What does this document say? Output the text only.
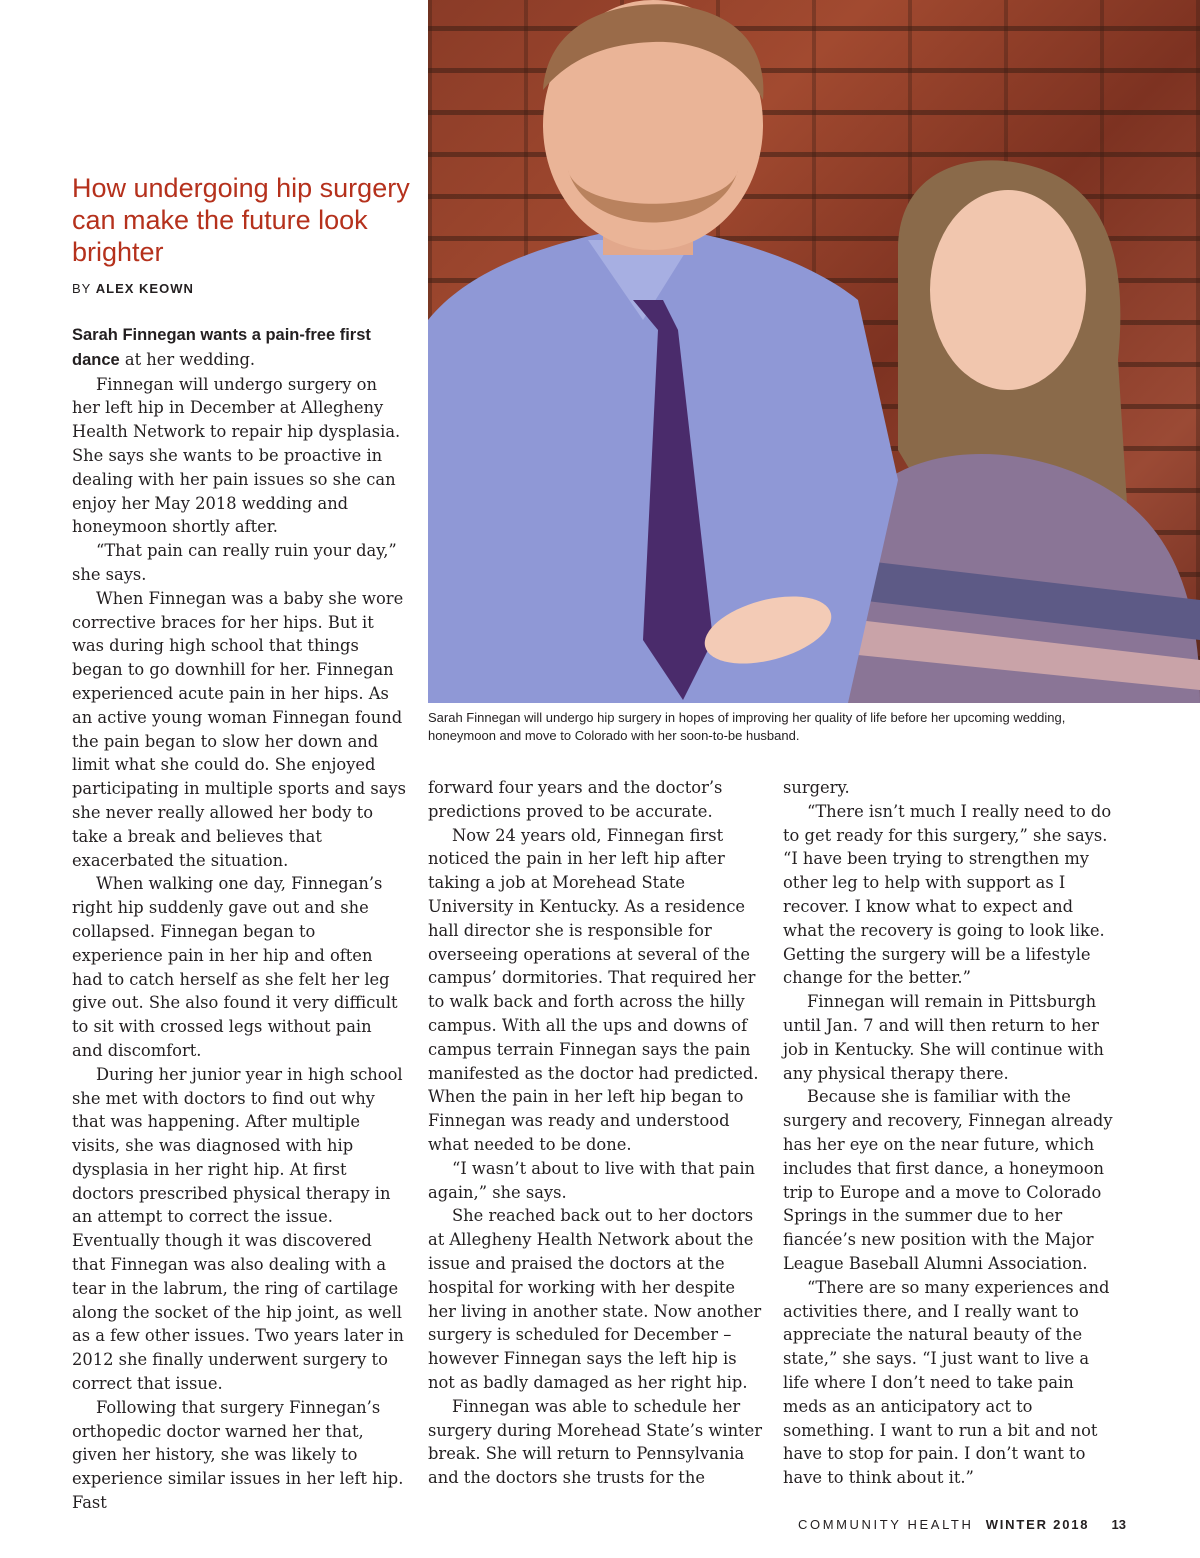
Sarah Finnegan will undergo hip surgery in hopes of improving her quality of life before her upcoming wedding, honeymoon and move to Colorado with her soon-to-be husband.

How undergoing hip surgery can make the future look brighter

BY ALEX KEOWN

Sarah Finnegan wants a pain-free first dance at her wedding.

Finnegan will undergo surgery on her left hip in December at Allegheny Health Network to repair hip dysplasia. She says she wants to be proactive in dealing with her pain issues so she can enjoy her May 2018 wedding and honeymoon shortly after.

“That pain can really ruin your day,” she says.

When Finnegan was a baby she wore corrective braces for her hips. But it was during high school that things began to go downhill for her. Finnegan experienced acute pain in her hips. As an active young woman Finnegan found the pain began to slow her down and limit what she could do. She enjoyed participating in multiple sports and says she never really allowed her body to take a break and believes that exacerbated the situation.

When walking one day, Finnegan’s right hip suddenly gave out and she collapsed. Finnegan began to experience pain in her hip and often had to catch herself as she felt her leg give out. She also found it very difficult to sit with crossed legs without pain and discomfort.

During her junior year in high school she met with doctors to find out why that was happening. After multiple visits, she was diagnosed with hip dysplasia in her right hip. At first doctors prescribed physical therapy in an attempt to correct the issue. Eventually though it was discovered that Finnegan was also dealing with a tear in the labrum, the ring of cartilage along the socket of the hip joint, as well as a few other issues. Two years later in 2012 she finally underwent surgery to correct that issue.

Following that surgery Finnegan’s orthopedic doctor warned her that, given her history, she was likely to experience similar issues in her left hip. Fast

forward four years and the doctor’s predictions proved to be accurate.

Now 24 years old, Finnegan first noticed the pain in her left hip after taking a job at Morehead State University in Kentucky. As a residence hall director she is responsible for overseeing operations at several of the campus’ dormitories. That required her to walk back and forth across the hilly campus. With all the ups and downs of campus terrain Finnegan says the pain manifested as the doctor had predicted. When the pain in her left hip began to Finnegan was ready and understood what needed to be done.

“I wasn’t about to live with that pain again,” she says.

She reached back out to her doctors at Allegheny Health Network about the issue and praised the doctors at the hospital for working with her despite her living in another state. Now another surgery is scheduled for December – however Finnegan says the left hip is not as badly damaged as her right hip.

Finnegan was able to schedule her surgery during Morehead State’s winter break. She will return to Pennsylvania and the doctors she trusts for the

surgery.

“There isn’t much I really need to do to get ready for this surgery,” she says. “I have been trying to strengthen my other leg to help with support as I recover. I know what to expect and what the recovery is going to look like. Getting the surgery will be a lifestyle change for the better.”

Finnegan will remain in Pittsburgh until Jan. 7 and will then return to her job in Kentucky. She will continue with any physical therapy there.

Because she is familiar with the surgery and recovery, Finnegan already has her eye on the near future, which includes that first dance, a honeymoon trip to Europe and a move to Colorado Springs in the summer due to her fiancée’s new position with the Major League Baseball Alumni Association.

“There are so many experiences and activities there, and I really want to appreciate the natural beauty of the state,” she says. “I just want to live a life where I don’t need to take pain meds as an anticipatory act to something. I want to run a bit and not have to stop for pain. I don’t want to have to think about it.”

COMMUNITY HEALTH WINTER 2018 13
